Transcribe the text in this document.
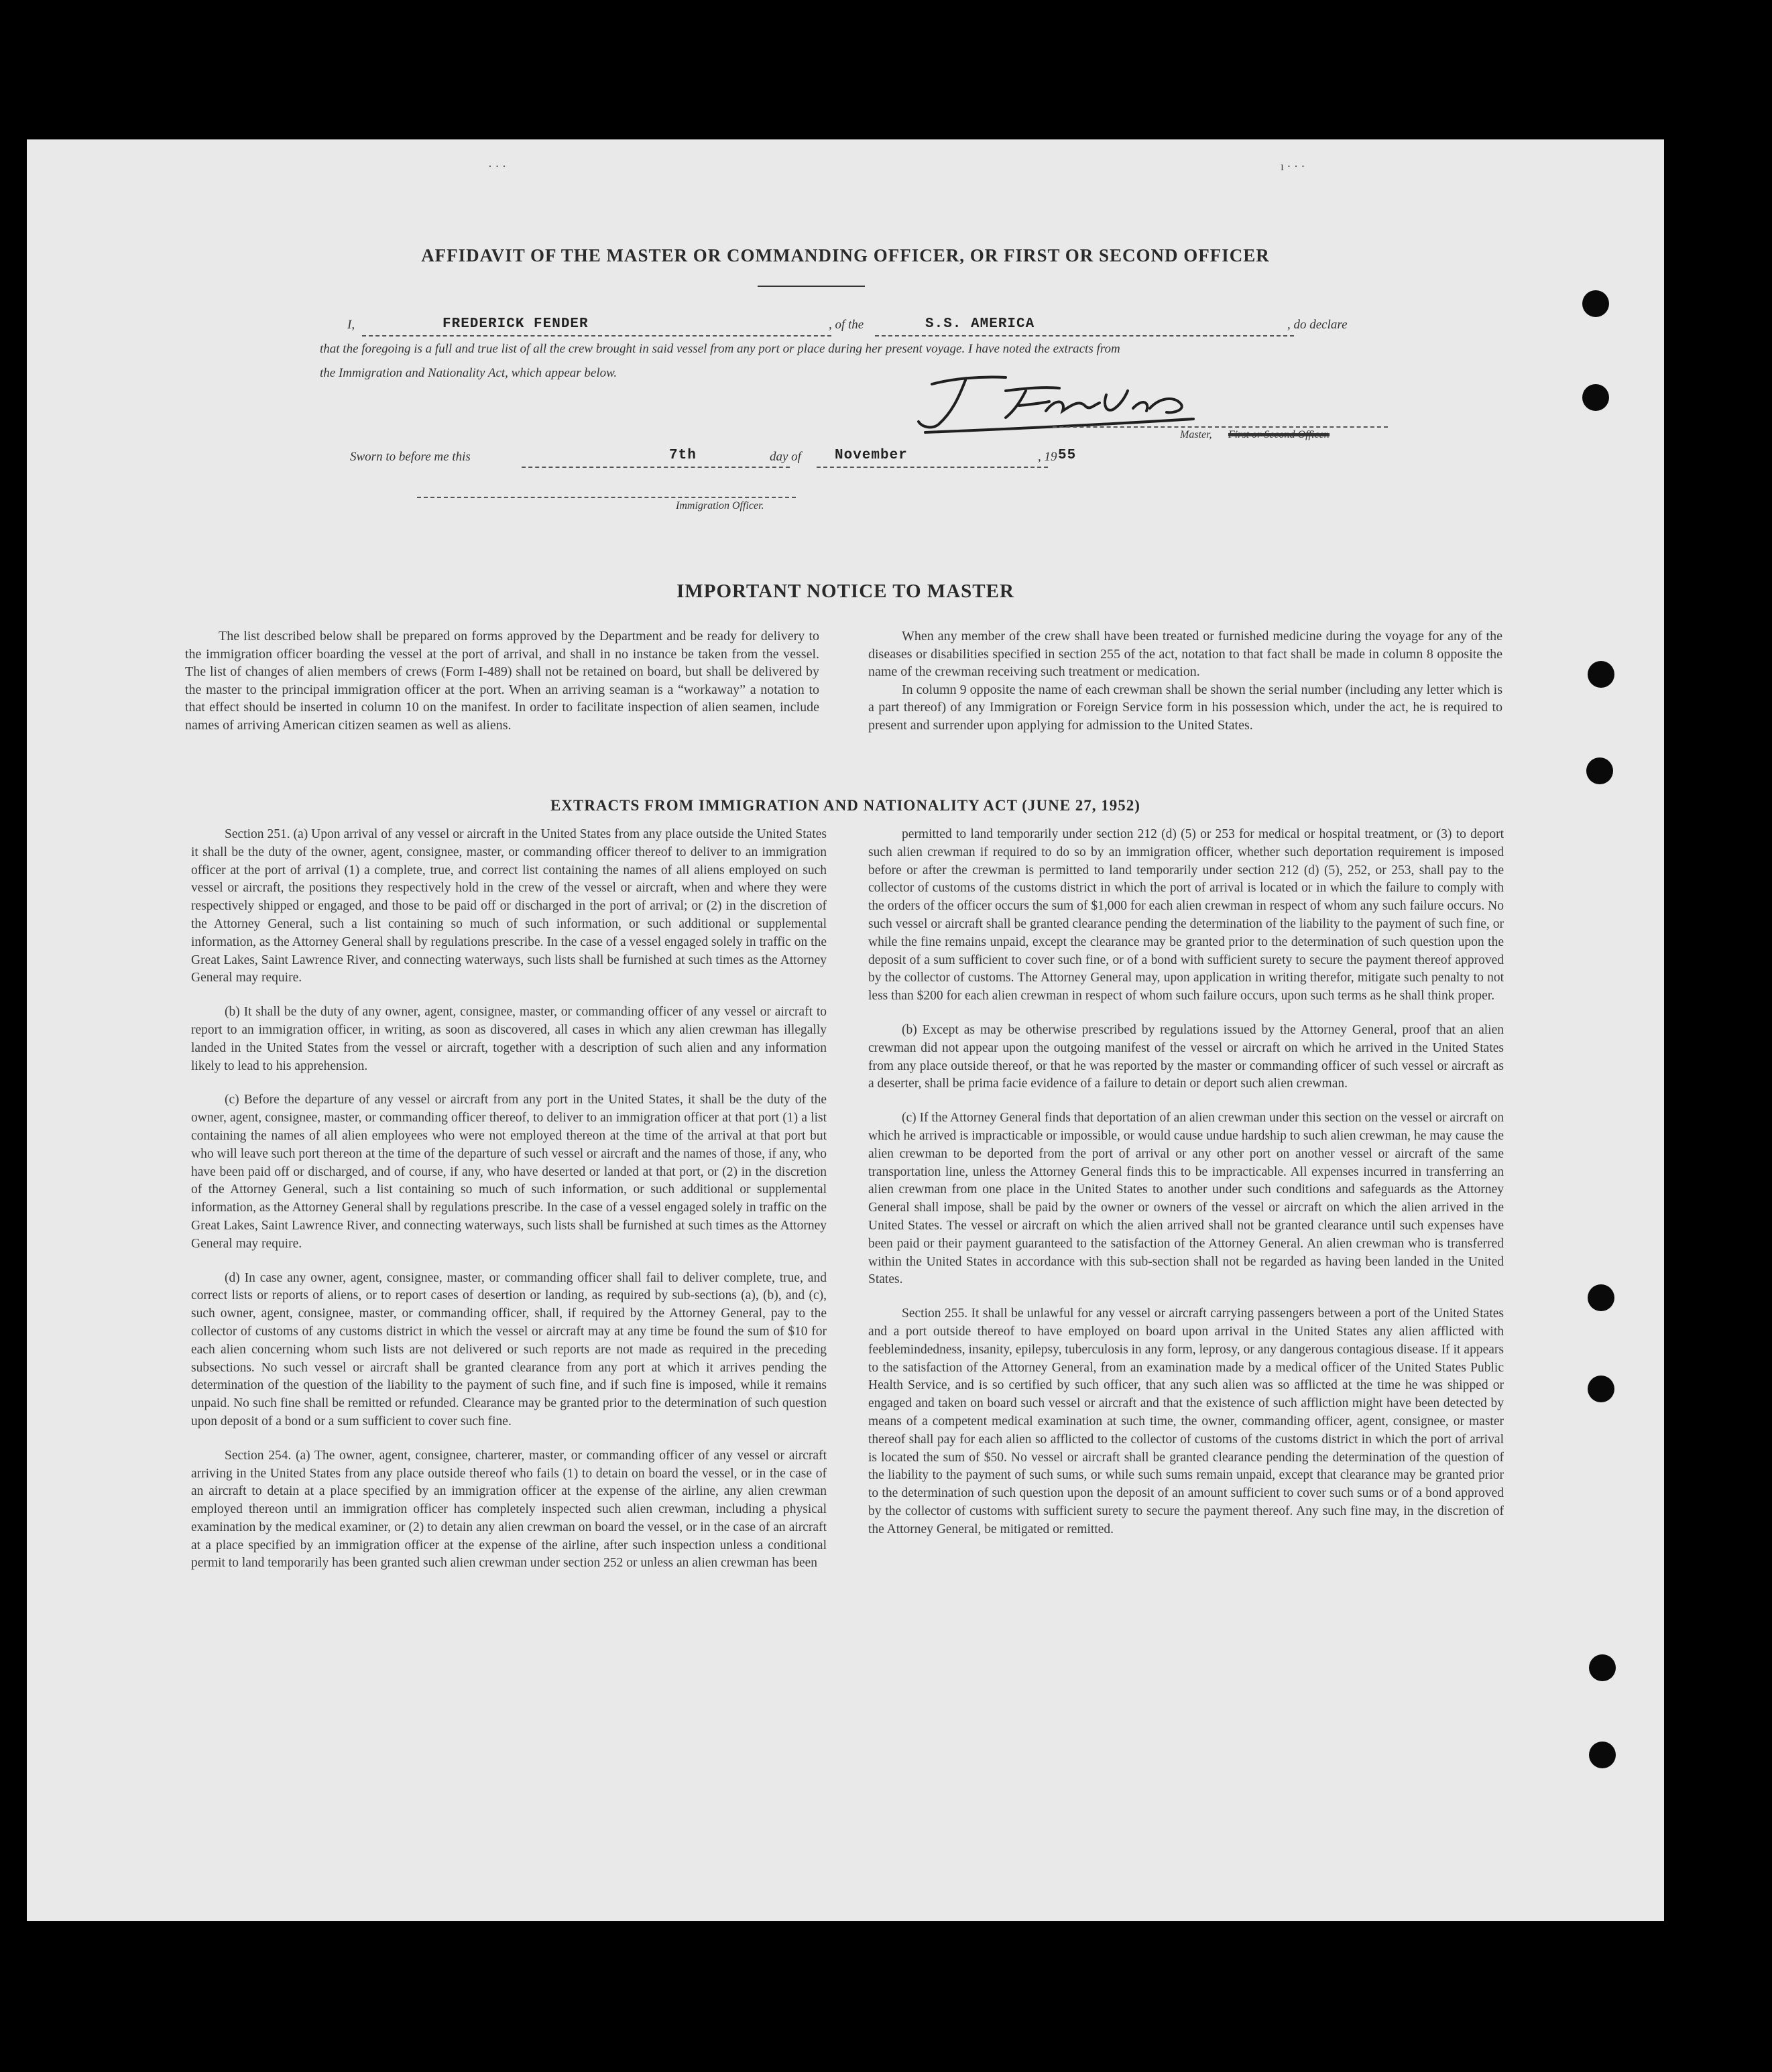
· · ·	ı · · ·
AFFIDAVIT OF THE MASTER OR COMMANDING OFFICER, OR FIRST OR SECOND OFFICER
I,	FREDERICK FENDER	, of the	S.S. AMERICA	, do declare
that the foregoing is a full and true list of all the crew brought in said vessel from any port or place during her present voyage. I have noted the extracts from
the Immigration and Nationality Act, which appear below.
Master, First or Second Officer.
Sworn to before me this	7th	day of November	, 19 55
Immigration Officer.
IMPORTANT NOTICE TO MASTER

The list described below shall be prepared on forms approved by the Department and be ready for delivery to the immigration officer boarding the vessel at the port of arrival, and shall in no instance be taken from the vessel. The list of changes of alien members of crews (Form I-489) shall not be retained on board, but shall be delivered by the master to the principal immigration officer at the port. When an arriving seaman is a “workaway” a notation to that effect should be inserted in column 10 on the manifest. In order to facilitate inspection of alien seamen, include names of arriving American citizen seamen as well as aliens.

When any member of the crew shall have been treated or furnished medicine during the voyage for any of the diseases or disabilities specified in section 255 of the act, notation to that fact shall be made in column 8 opposite the name of the crewman receiving such treatment or medication.

In column 9 opposite the name of each crewman shall be shown the serial number (including any letter which is a part thereof) of any Immigration or Foreign Service form in his possession which, under the act, he is required to present and surrender upon applying for admission to the United States.

EXTRACTS FROM IMMIGRATION AND NATIONALITY ACT (JUNE 27, 1952)

Section 251. (a) Upon arrival of any vessel or aircraft in the United States from any place outside the United States it shall be the duty of the owner, agent, consignee, master, or commanding officer thereof to deliver to an immigration officer at the port of arrival (1) a complete, true, and correct list containing the names of all aliens employed on such vessel or aircraft, the positions they respectively hold in the crew of the vessel or aircraft, when and where they were respectively shipped or engaged, and those to be paid off or discharged in the port of arrival; or (2) in the discretion of the Attorney General, such a list containing so much of such information, or such additional or supplemental information, as the Attorney General shall by regulations prescribe. In the case of a vessel engaged solely in traffic on the Great Lakes, Saint Lawrence River, and connecting waterways, such lists shall be furnished at such times as the Attorney General may require.

(b) It shall be the duty of any owner, agent, consignee, master, or commanding officer of any vessel or aircraft to report to an immigration officer, in writing, as soon as discovered, all cases in which any alien crewman has illegally landed in the United States from the vessel or aircraft, together with a description of such alien and any information likely to lead to his apprehension.

(c) Before the departure of any vessel or aircraft from any port in the United States, it shall be the duty of the owner, agent, consignee, master, or commanding officer thereof, to deliver to an immigration officer at that port (1) a list containing the names of all alien employees who were not employed thereon at the time of the arrival at that port but who will leave such port thereon at the time of the departure of such vessel or aircraft and the names of those, if any, who have been paid off or discharged, and of course, if any, who have deserted or landed at that port, or (2) in the discretion of the Attorney General, such a list containing so much of such information, or such additional or supplemental information, as the Attorney General shall by regulations prescribe. In the case of a vessel engaged solely in traffic on the Great Lakes, Saint Lawrence River, and connecting waterways, such lists shall be furnished at such times as the Attorney General may require.

(d) In case any owner, agent, consignee, master, or commanding officer shall fail to deliver complete, true, and correct lists or reports of aliens, or to report cases of desertion or landing, as required by sub-sections (a), (b), and (c), such owner, agent, consignee, master, or commanding officer, shall, if required by the Attorney General, pay to the collector of customs of any customs district in which the vessel or aircraft may at any time be found the sum of $10 for each alien concerning whom such lists are not delivered or such reports are not made as required in the preceding subsections. No such vessel or aircraft shall be granted clearance from any port at which it arrives pending the determination of the question of the liability to the payment of such fine, and if such fine is imposed, while it remains unpaid. No such fine shall be remitted or refunded. Clearance may be granted prior to the determination of such question upon deposit of a bond or a sum sufficient to cover such fine.

Section 254. (a) The owner, agent, consignee, charterer, master, or commanding officer of any vessel or aircraft arriving in the United States from any place outside thereof who fails (1) to detain on board the vessel, or in the case of an aircraft to detain at a place specified by an immigration officer at the expense of the airline, any alien crewman employed thereon until an immigration officer has completely inspected such alien crewman, including a physical examination by the medical examiner, or (2) to detain any alien crewman on board the vessel, or in the case of an aircraft at a place specified by an immigration officer at the expense of the airline, after such inspection unless a conditional permit to land temporarily has been granted such alien crewman under section 252 or unless an alien crewman has been

permitted to land temporarily under section 212 (d) (5) or 253 for medical or hospital treatment, or (3) to deport such alien crewman if required to do so by an immigration officer, whether such deportation requirement is imposed before or after the crewman is permitted to land temporarily under section 212 (d) (5), 252, or 253, shall pay to the collector of customs of the customs district in which the port of arrival is located or in which the failure to comply with the orders of the officer occurs the sum of $1,000 for each alien crewman in respect of whom any such failure occurs. No such vessel or aircraft shall be granted clearance pending the determination of the liability to the payment of such fine, or while the fine remains unpaid, except the clearance may be granted prior to the determination of such question upon the deposit of a sum sufficient to cover such fine, or of a bond with sufficient surety to secure the payment thereof approved by the collector of customs. The Attorney General may, upon application in writing therefor, mitigate such penalty to not less than $200 for each alien crewman in respect of whom such failure occurs, upon such terms as he shall think proper.

(b) Except as may be otherwise prescribed by regulations issued by the Attorney General, proof that an alien crewman did not appear upon the outgoing manifest of the vessel or aircraft on which he arrived in the United States from any place outside thereof, or that he was reported by the master or commanding officer of such vessel or aircraft as a deserter, shall be prima facie evidence of a failure to detain or deport such alien crewman.

(c) If the Attorney General finds that deportation of an alien crewman under this section on the vessel or aircraft on which he arrived is impracticable or impossible, or would cause undue hardship to such alien crewman, he may cause the alien crewman to be deported from the port of arrival or any other port on another vessel or aircraft of the same transportation line, unless the Attorney General finds this to be impracticable. All expenses incurred in transferring an alien crewman from one place in the United States to another under such conditions and safeguards as the Attorney General shall impose, shall be paid by the owner or owners of the vessel or aircraft on which the alien arrived in the United States. The vessel or aircraft on which the alien arrived shall not be granted clearance until such expenses have been paid or their payment guaranteed to the satisfaction of the Attorney General. An alien crewman who is transferred within the United States in accordance with this sub-section shall not be regarded as having been landed in the United States.

Section 255. It shall be unlawful for any vessel or aircraft carrying passengers between a port of the United States and a port outside thereof to have employed on board upon arrival in the United States any alien afflicted with feeblemindedness, insanity, epilepsy, tuberculosis in any form, leprosy, or any dangerous contagious disease. If it appears to the satisfaction of the Attorney General, from an examination made by a medical officer of the United States Public Health Service, and is so certified by such officer, that any such alien was so afflicted at the time he was shipped or engaged and taken on board such vessel or aircraft and that the existence of such affliction might have been detected by means of a competent medical examination at such time, the owner, commanding officer, agent, consignee, or master thereof shall pay for each alien so afflicted to the collector of customs of the customs district in which the port of arrival is located the sum of $50. No vessel or aircraft shall be granted clearance pending the determination of the question of the liability to the payment of such sums, or while such sums remain unpaid, except that clearance may be granted prior to the determination of such question upon the deposit of an amount sufficient to cover such sums or of a bond approved by the collector of customs with sufficient surety to secure the payment thereof. Any such fine may, in the discretion of the Attorney General, be mitigated or remitted.
